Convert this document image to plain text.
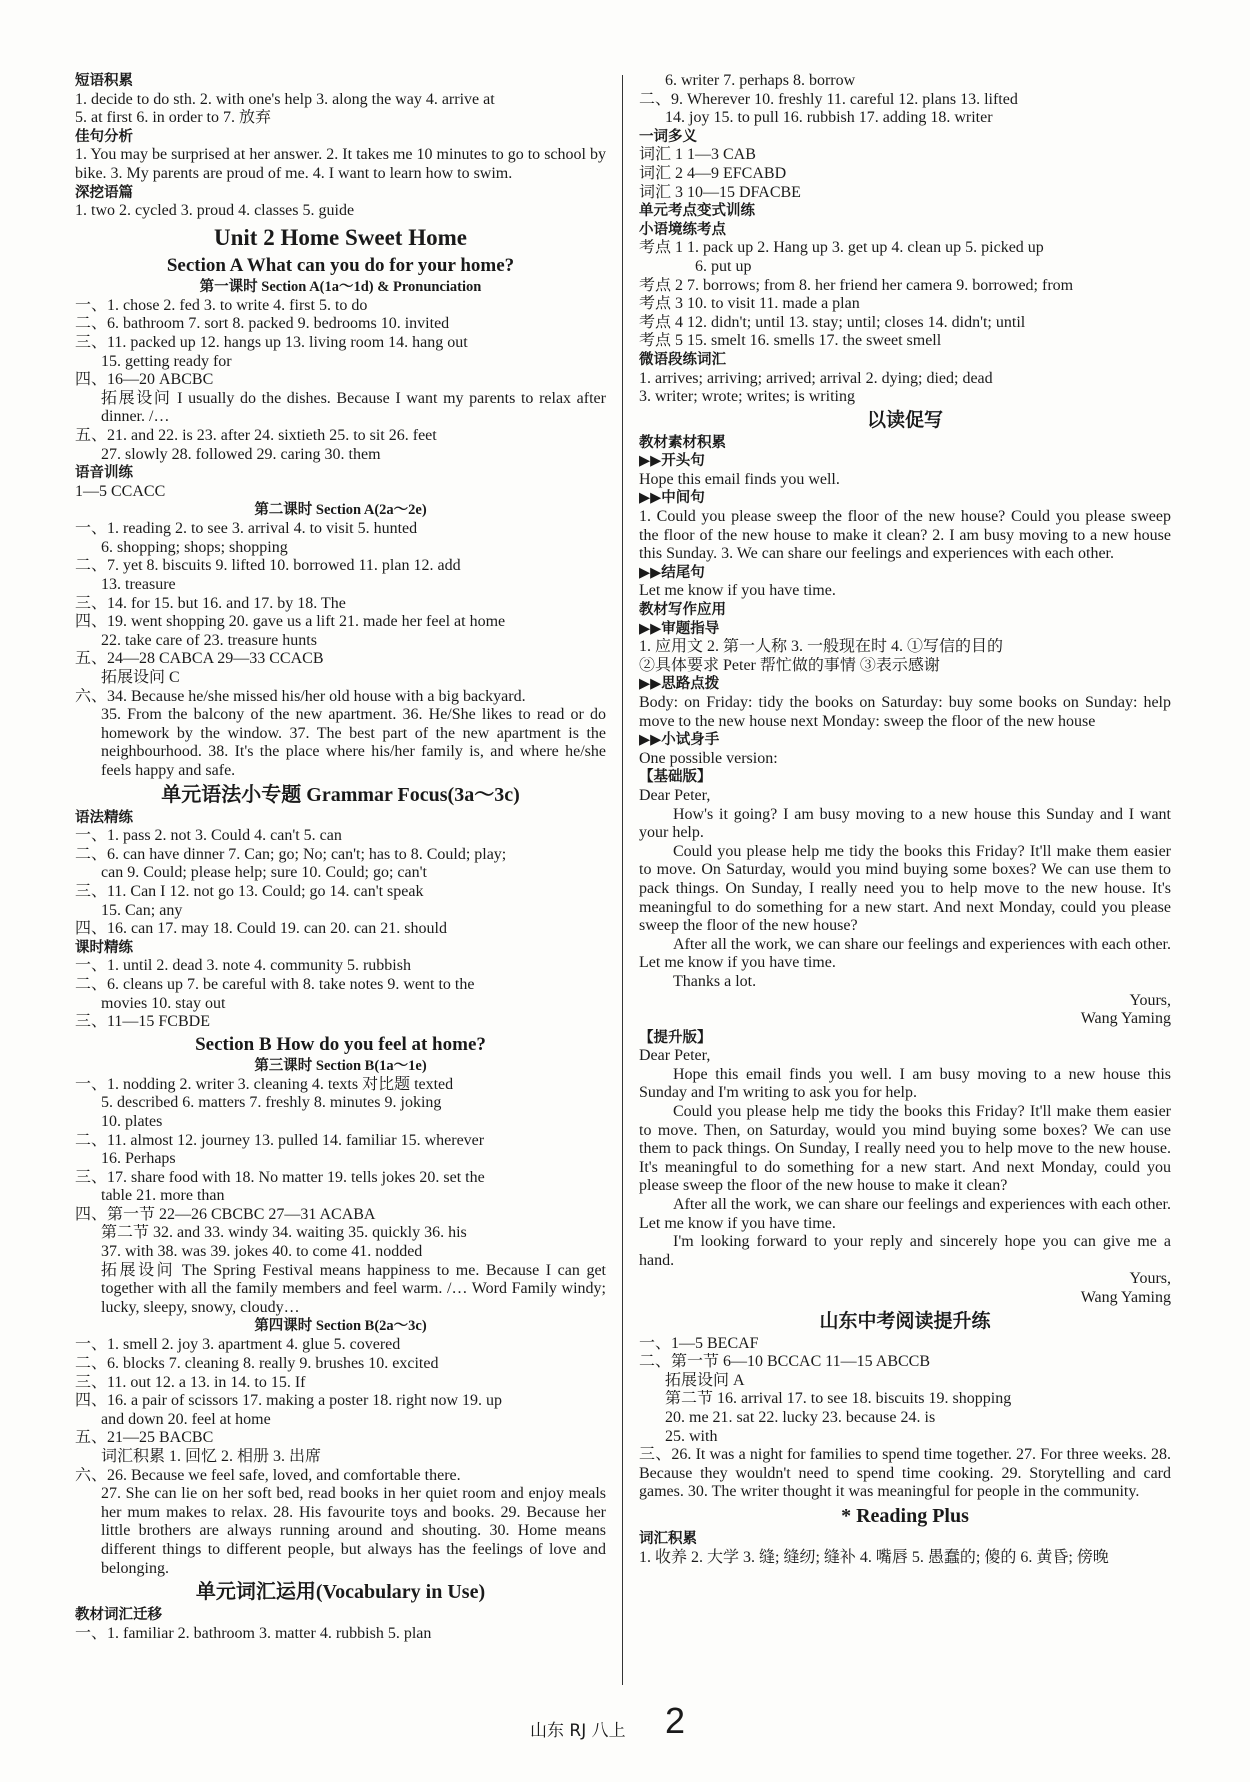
短语积累
1. decide to do sth. 2. with one's help 3. along the way 4. arrive at
5. at first 6. in order to 7. 放弃
佳句分析
1. You may be surprised at her answer. 2. It takes me 10 minutes to go to school by bike. 3. My parents are proud of me. 4. I want to learn how to swim.
深挖语篇
1. two 2. cycled 3. proud 4. classes 5. guide
Unit 2 Home Sweet Home
Section A What can you do for your home?
第一课时 Section A(1a～1d) & Pronunciation
一、1. chose 2. fed 3. to write 4. first 5. to do
二、6. bathroom 7. sort 8. packed 9. bedrooms 10. invited
三、11. packed up 12. hangs up 13. living room 14. hang out
15. getting ready for
四、16—20 ABCBC
拓展设问 I usually do the dishes. Because I want my parents to relax after dinner. /…
五、21. and 22. is 23. after 24. sixtieth 25. to sit 26. feet
27. slowly 28. followed 29. caring 30. them
语音训练
1—5 CCACC
第二课时 Section A(2a～2e)
一、1. reading 2. to see 3. arrival 4. to visit 5. hunted
6. shopping; shops; shopping
二、7. yet 8. biscuits 9. lifted 10. borrowed 11. plan 12. add
13. treasure
三、14. for 15. but 16. and 17. by 18. The
四、19. went shopping 20. gave us a lift 21. made her feel at home
22. take care of 23. treasure hunts
五、24—28 CABCA 29—33 CCACB
拓展设问 C
六、34. Because he/she missed his/her old house with a big backyard.
35. From the balcony of the new apartment. 36. He/She likes to read or do homework by the window. 37. The best part of the new apartment is the neighbourhood. 38. It's the place where his/her family is, and where he/she feels happy and safe.
单元语法小专题 Grammar Focus(3a～3c)
语法精练
一、1. pass 2. not 3. Could 4. can't 5. can
二、6. can have dinner 7. Can; go; No; can't; has to 8. Could; play;
can 9. Could; please help; sure 10. Could; go; can't
三、11. Can I 12. not go 13. Could; go 14. can't speak
15. Can; any
四、16. can 17. may 18. Could 19. can 20. can 21. should
课时精练
一、1. until 2. dead 3. note 4. community 5. rubbish
二、6. cleans up 7. be careful with 8. take notes 9. went to the
movies 10. stay out
三、11—15 FCBDE
Section B How do you feel at home?
第三课时 Section B(1a～1e)
一、1. nodding 2. writer 3. cleaning 4. texts 对比题 texted
5. described 6. matters 7. freshly 8. minutes 9. joking
10. plates
二、11. almost 12. journey 13. pulled 14. familiar 15. wherever
16. Perhaps
三、17. share food with 18. No matter 19. tells jokes 20. set the
table 21. more than
四、第一节 22—26 CBCBC 27—31 ACABA
第二节 32. and 33. windy 34. waiting 35. quickly 36. his
37. with 38. was 39. jokes 40. to come 41. nodded
拓展设问 The Spring Festival means happiness to me. Because I can get together with all the family members and feel warm. /… Word Family windy; lucky, sleepy, snowy, cloudy…
第四课时 Section B(2a～3c)
一、1. smell 2. joy 3. apartment 4. glue 5. covered
二、6. blocks 7. cleaning 8. really 9. brushes 10. excited
三、11. out 12. a 13. in 14. to 15. If
四、16. a pair of scissors 17. making a poster 18. right now 19. up
and down 20. feel at home
五、21—25 BACBC
词汇积累 1. 回忆 2. 相册 3. 出席
六、26. Because we feel safe, loved, and comfortable there.
27. She can lie on her soft bed, read books in her quiet room and enjoy meals her mum makes to relax. 28. His favourite toys and books. 29. Because her little brothers are always running around and shouting. 30. Home means different things to different people, but always has the feelings of love and belonging.
单元词汇运用(Vocabulary in Use)
教材词汇迁移
一、1. familiar 2. bathroom 3. matter 4. rubbish 5. plan
6. writer 7. perhaps 8. borrow
二、9. Wherever 10. freshly 11. careful 12. plans 13. lifted
14. joy 15. to pull 16. rubbish 17. adding 18. writer
一词多义
词汇 1 1—3 CAB
词汇 2 4—9 EFCABD
词汇 3 10—15 DFACBE
单元考点变式训练
小语境练考点
考点 1 1. pack up 2. Hang up 3. get up 4. clean up 5. picked up
6. put up
考点 2 7. borrows; from 8. her friend her camera 9. borrowed; from
考点 3 10. to visit 11. made a plan
考点 4 12. didn't; until 13. stay; until; closes 14. didn't; until
考点 5 15. smelt 16. smells 17. the sweet smell
微语段练词汇
1. arrives; arriving; arrived; arrival 2. dying; died; dead
3. writer; wrote; writes; is writing
以读促写
教材素材积累
▶▶开头句
Hope this email finds you well.
▶▶中间句
1. Could you please sweep the floor of the new house? Could you please sweep the floor of the new house to make it clean? 2. I am busy moving to a new house this Sunday. 3. We can share our feelings and experiences with each other.
▶▶结尾句
Let me know if you have time.
教材写作应用
▶▶审题指导
1. 应用文 2. 第一人称 3. 一般现在时 4. ①写信的目的
②具体要求 Peter 帮忙做的事情 ③表示感谢
▶▶思路点拨
Body: on Friday: tidy the books on Saturday: buy some books on Sunday: help move to the new house next Monday: sweep the floor of the new house
▶▶小试身手
One possible version:
【基础版】
Dear Peter,
How's it going? I am busy moving to a new house this Sunday and I want your help.
Could you please help me tidy the books this Friday? It'll make them easier to move. On Saturday, would you mind buying some boxes? We can use them to pack things. On Sunday, I really need you to help move to the new house. It's meaningful to do something for a new start. And next Monday, could you please sweep the floor of the new house?
After all the work, we can share our feelings and experiences with each other. Let me know if you have time.
Thanks a lot.
Yours,
Wang Yaming
【提升版】
Dear Peter,
Hope this email finds you well. I am busy moving to a new house this Sunday and I'm writing to ask you for help.
Could you please help me tidy the books this Friday? It'll make them easier to move. Then, on Saturday, would you mind buying some boxes? We can use them to pack things. On Sunday, I really need you to help move to the new house. It's meaningful to do something for a new start. And next Monday, could you please sweep the floor of the new house to make it clean?
After all the work, we can share our feelings and experiences with each other. Let me know if you have time.
I'm looking forward to your reply and sincerely hope you can give me a hand.
Yours,
Wang Yaming
山东中考阅读提升练
一、1—5 BECAF
二、第一节 6—10 BCCAC 11—15 ABCCB
拓展设问 A
第二节 16. arrival 17. to see 18. biscuits 19. shopping
20. me 21. sat 22. lucky 23. because 24. is
25. with
三、26. It was a night for families to spend time together. 27. For three weeks. 28. Because they wouldn't need to spend time cooking. 29. Storytelling and card games. 30. The writer thought it was meaningful for people in the community.
* Reading Plus
词汇积累
1. 收养 2. 大学 3. 缝; 缝纫; 缝补 4. 嘴唇 5. 愚蠢的; 傻的 6. 黄昏; 傍晚
山东 RJ 八上 2
